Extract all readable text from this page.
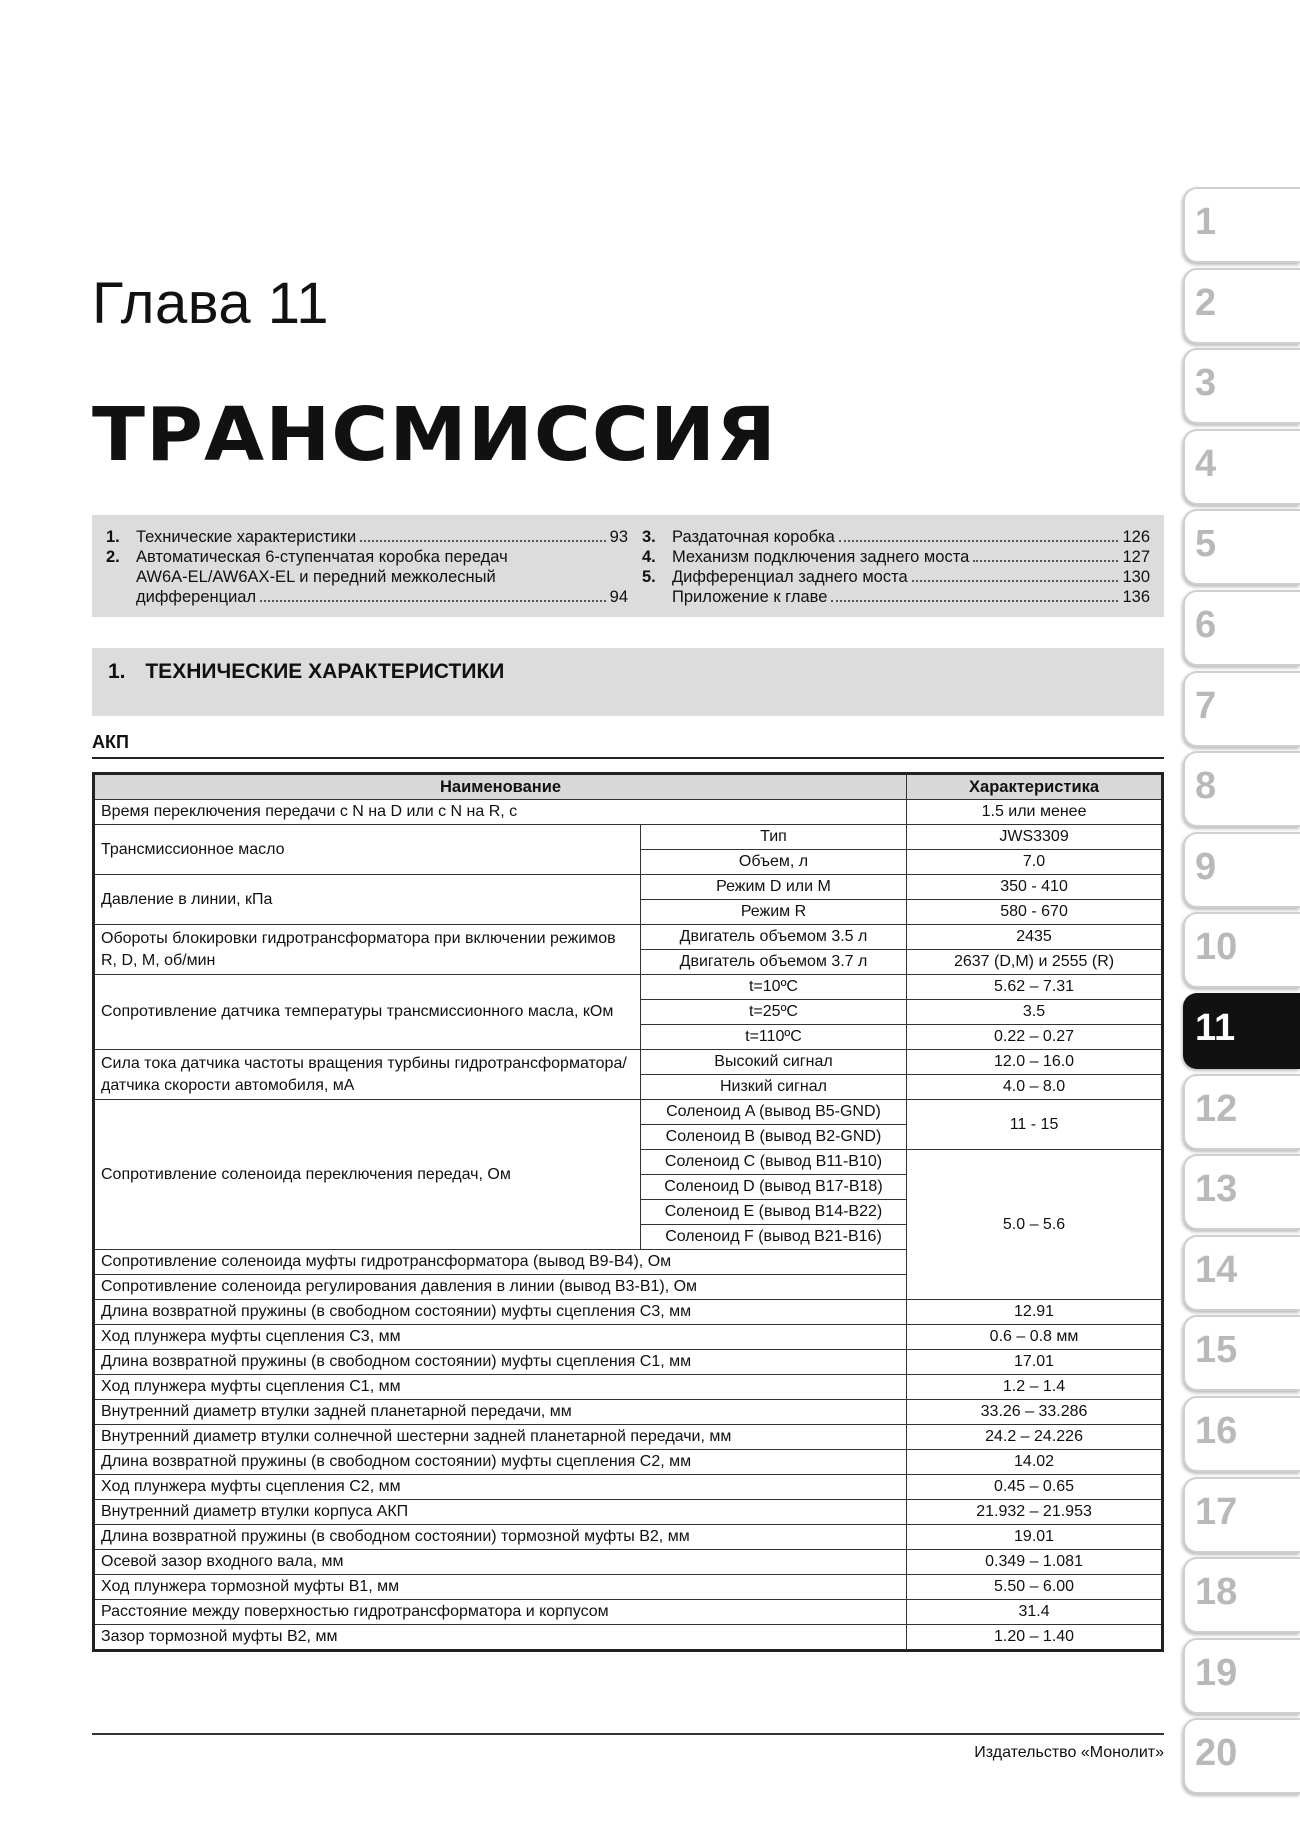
Глава 11
ТРАНСМИССИЯ
1. Технические характеристики	93
2. Автоматическая 6-ступенчатая коробка передач
AW6A-EL/AW6AX-EL и передний межколесный
дифференциал	94
3. Раздаточная коробка	126
4. Механизм подключения заднего моста	127
5. Дифференциал заднего моста	130
Приложение к главе	136
1. ТЕХНИЧЕСКИЕ ХАРАКТЕРИСТИКИ
АКП
Наименование		Характеристика
Время переключения передачи с N на D или с N на R, с		1.5 или менее
Трансмиссионное масло	Тип	JWS3309
	Объем, л	7.0
Давление в линии, кПа	Режим D или M	350 - 410
	Режим R	580 - 670
Обороты блокировки гидротрансформатора при включении режимов R, D, M, об/мин	Двигатель объемом 3.5 л	2435
	Двигатель объемом 3.7 л	2637 (D,M) и 2555 (R)
Сопротивление датчика температуры трансмиссионного масла, кОм	t=10ºC	5.62 – 7.31
	t=25ºC	3.5
	t=110ºC	0.22 – 0.27
Сила тока датчика частоты вращения турбины гидротрансформатора/датчика скорости автомобиля, мА	Высокий сигнал	12.0 – 16.0
	Низкий сигнал	4.0 – 8.0
Сопротивление соленоида переключения передач, Ом	Соленоид A (вывод B5-GND)	11 - 15
	Соленоид B (вывод B2-GND)	
	Соленоид C (вывод B11-B10)	5.0 – 5.6
	Соленоид D (вывод B17-B18)	
	Соленоид E (вывод B14-B22)	
	Соленоид F (вывод B21-B16)	
Сопротивление соленоида муфты гидротрансформатора (вывод B9-B4), Ом		
Сопротивление соленоида регулирования давления в линии (вывод B3-B1), Ом		
Длина возвратной пружины (в свободном состоянии) муфты сцепления C3, мм		12.91
Ход плунжера муфты сцепления C3, мм		0.6 – 0.8 мм
Длина возвратной пружины (в свободном состоянии) муфты сцепления C1, мм		17.01
Ход плунжера муфты сцепления C1, мм		1.2 – 1.4
Внутренний диаметр втулки задней планетарной передачи, мм		33.26 – 33.286
Внутренний диаметр втулки солнечной шестерни задней планетарной передачи, мм		24.2 – 24.226
Длина возвратной пружины (в свободном состоянии) муфты сцепления C2, мм		14.02
Ход плунжера муфты сцепления C2, мм		0.45 – 0.65
Внутренний диаметр втулки корпуса АКП		21.932 – 21.953
Длина возвратной пружины (в свободном состоянии) тормозной муфты B2, мм		19.01
Осевой зазор входного вала, мм		0.349 – 1.081
Ход плунжера тормозной муфты B1, мм		5.50 – 6.00
Расстояние между поверхностью гидротрансформатора и корпусом		31.4
Зазор тормозной муфты B2, мм		1.20 – 1.40
1
2
3
4
5
6
7
8
9
10
11
12
13
14
15
16
17
18
19
20
Издательство «Монолит»
